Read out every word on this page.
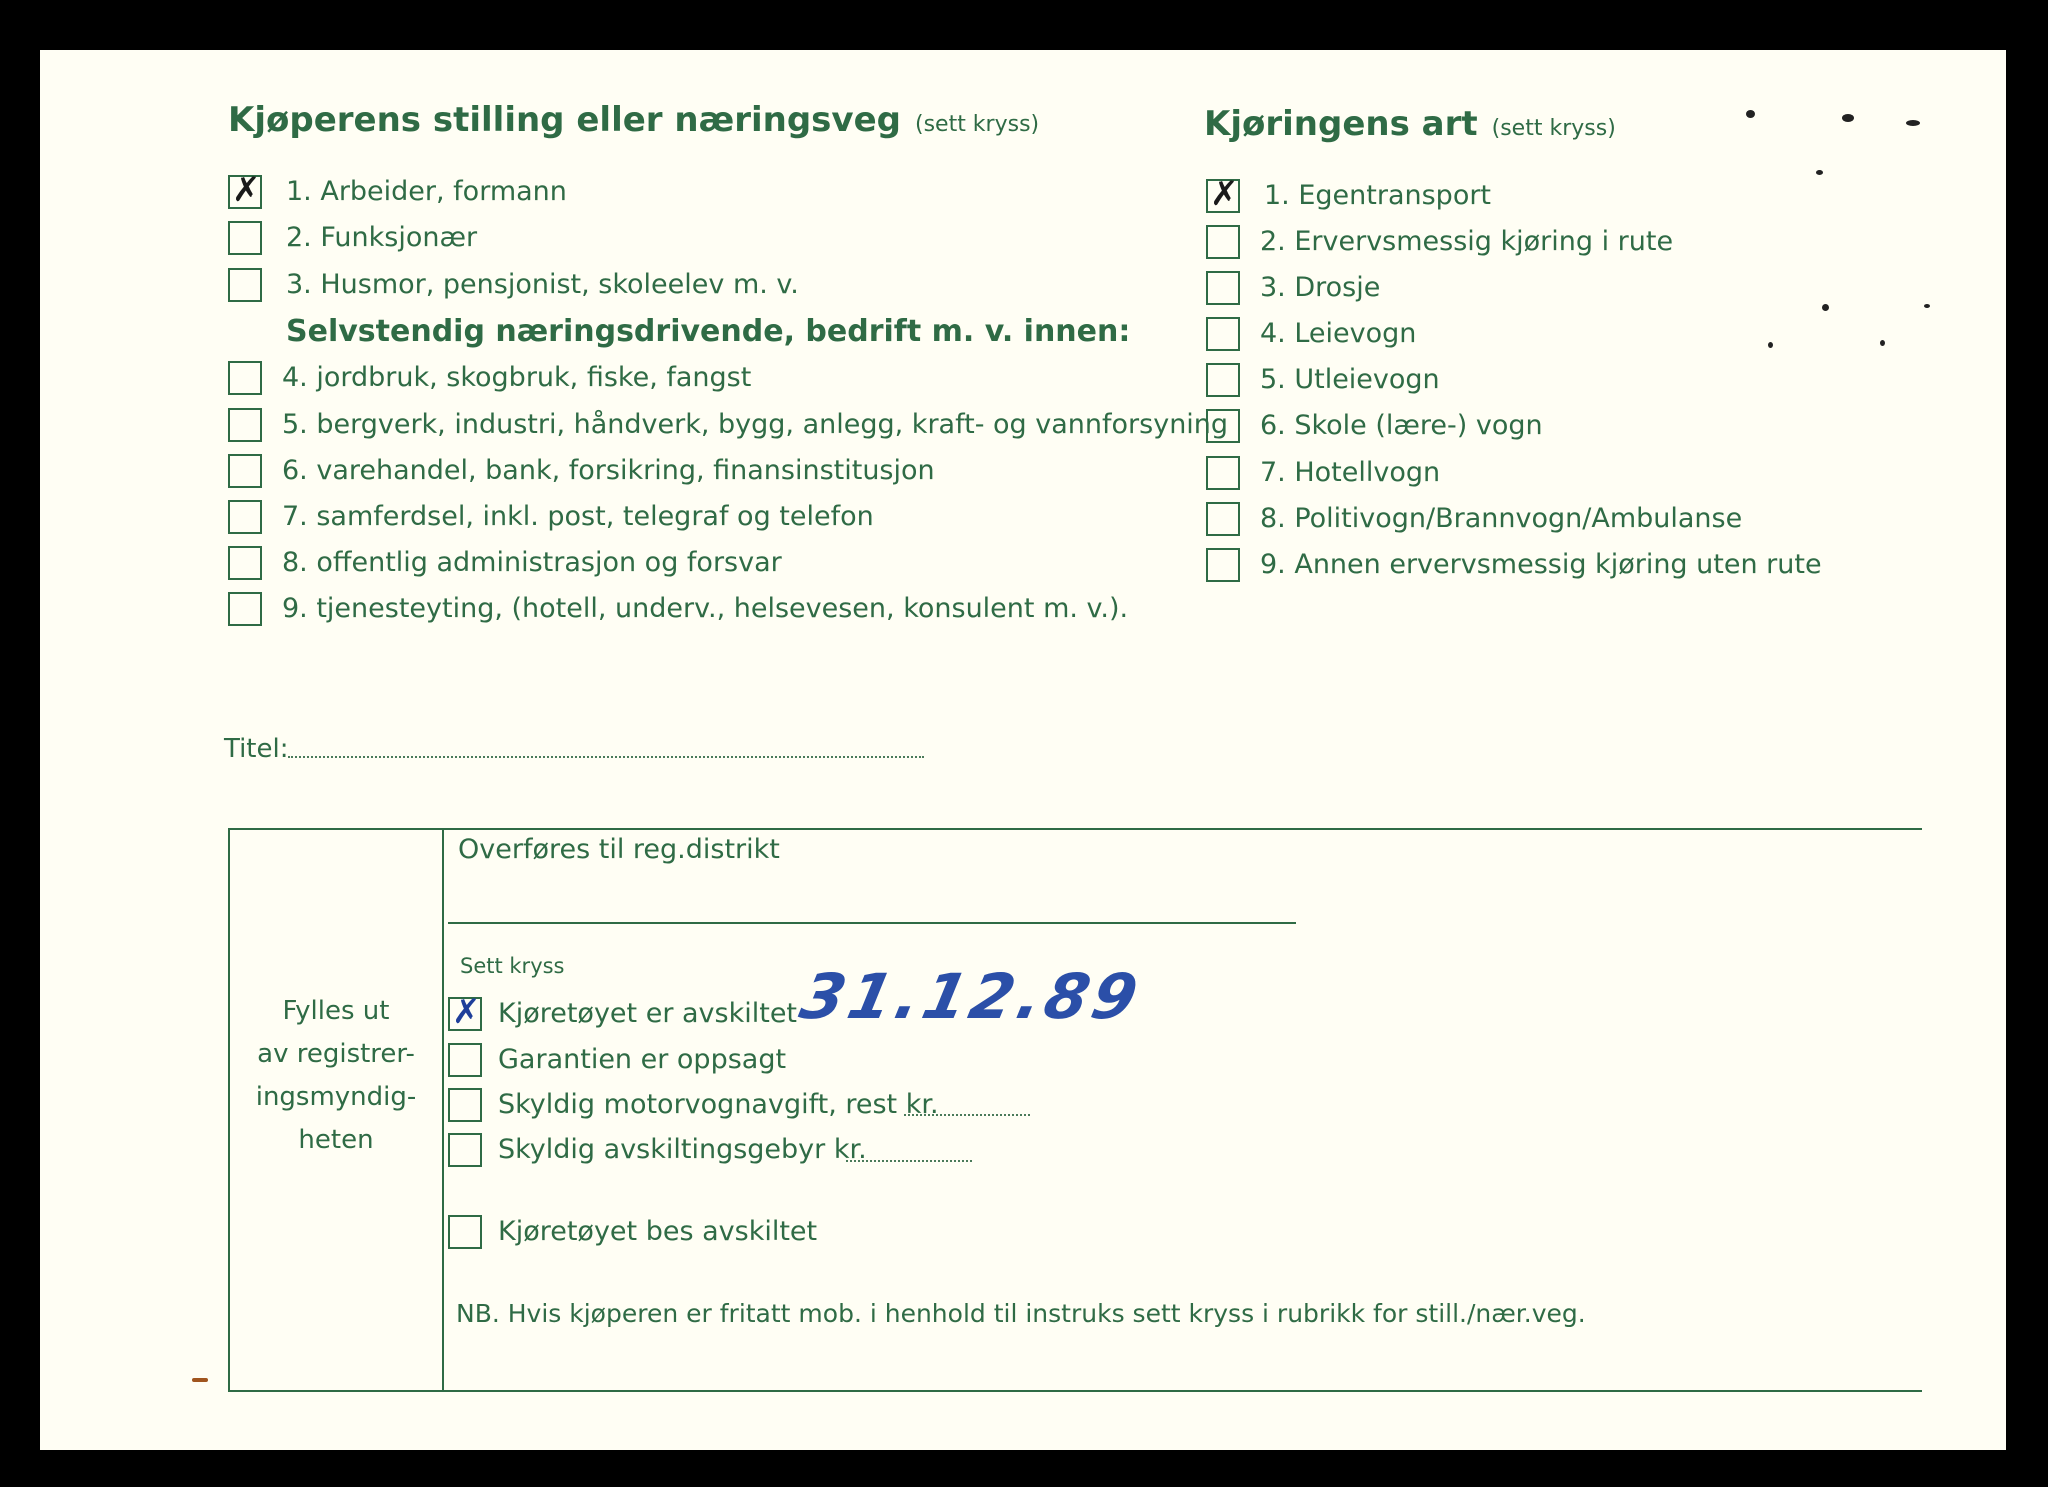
Kjøperens stilling eller næringsveg (sett kryss)
✗ 1. Arbeider, formann
2. Funksjonær
3. Husmor, pensjonist, skoleelev m. v.
Selvstendig næringsdrivende, bedrift m. v. innen:
4. jordbruk, skogbruk, fiske, fangst
5. bergverk, industri, håndverk, bygg, anlegg, kraft- og vannforsyning
6. varehandel, bank, forsikring, finansinstitusjon
7. samferdsel, inkl. post, telegraf og telefon
8. offentlig administrasjon og forsvar
9. tjenesteyting, (hotell, underv., helsevesen, konsulent m. v.).
Kjøringens art (sett kryss)
✗ 1. Egentransport
2. Ervervsmessig kjøring i rute
3. Drosje
4. Leievogn
5. Utleievogn
6. Skole (lære-) vogn
7. Hotellvogn
8. Politivogn/Brannvogn/Ambulanse
9. Annen ervervsmessig kjøring uten rute
Titel:
Fylles ut
av registrer-
ingsmyndig-
heten
Overføres til reg.distrikt
Sett kryss
✗ Kjøretøyet er avskiltet
31.12.89
Garantien er oppsagt
Skyldig motorvognavgift, rest kr.
Skyldig avskiltingsgebyr kr.
Kjøretøyet bes avskiltet
NB. Hvis kjøperen er fritatt mob. i henhold til instruks sett kryss i rubrikk for still./nær.veg.
